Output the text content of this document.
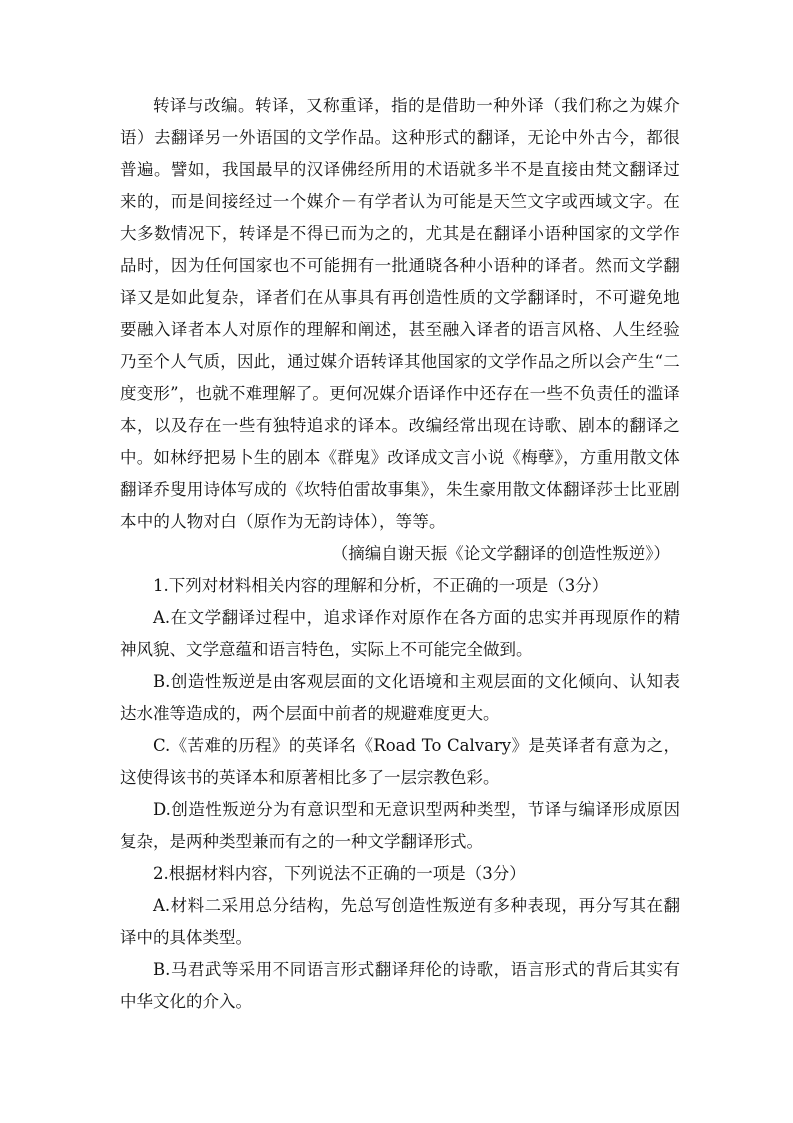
转译与改编。转译，又称重译，指的是借助一种外译（我们称之为媒介语）去翻译另一外语国的文学作品。这种形式的翻译，无论中外古今，都很普遍。譬如，我国最早的汉译佛经所用的术语就多半不是直接由梵文翻译过来的，而是间接经过一个媒介－有学者认为可能是天竺文字或西域文字。在大多数情况下，转译是不得已而为之的，尤其是在翻译小语种国家的文学作品时，因为任何国家也不可能拥有一批通晓各种小语种的译者。然而文学翻译又是如此复杂，译者们在从事具有再创造性质的文学翻译时，不可避免地要融入译者本人对原作的理解和阐述，甚至融入译者的语言风格、人生经验乃至个人气质，因此，通过媒介语转译其他国家的文学作品之所以会产生“二度变形”，也就不难理解了。更何况媒介语译作中还存在一些不负责任的滥译本，以及存在一些有独特追求的译本。改编经常出现在诗歌、剧本的翻译之中。如林纾把易卜生的剧本《群鬼》改译成文言小说《梅孽》，方重用散文体翻译乔叟用诗体写成的《坎特伯雷故事集》，朱生豪用散文体翻译莎士比亚剧本中的人物对白（原作为无韵诗体），等等。

（摘编自谢天振《论文学翻译的创造性叛逆》）

1.下列对材料相关内容的理解和分析，不正确的一项是（3分）

A.在文学翻译过程中，追求译作对原作在各方面的忠实并再现原作的精神风貌、文学意蕴和语言特色，实际上不可能完全做到。

B.创造性叛逆是由客观层面的文化语境和主观层面的文化倾向、认知表达水准等造成的，两个层面中前者的规避难度更大。

C.《苦难的历程》的英译名《Road To Calvary》是英译者有意为之，这使得该书的英译本和原著相比多了一层宗教色彩。

D.创造性叛逆分为有意识型和无意识型两种类型，节译与编译形成原因复杂，是两种类型兼而有之的一种文学翻译形式。

2.根据材料内容，下列说法不正确的一项是（3分）

A.材料二采用总分结构，先总写创造性叛逆有多种表现，再分写其在翻译中的具体类型。

B.马君武等采用不同语言形式翻译拜伦的诗歌，语言形式的背后其实有中华文化的介入。
